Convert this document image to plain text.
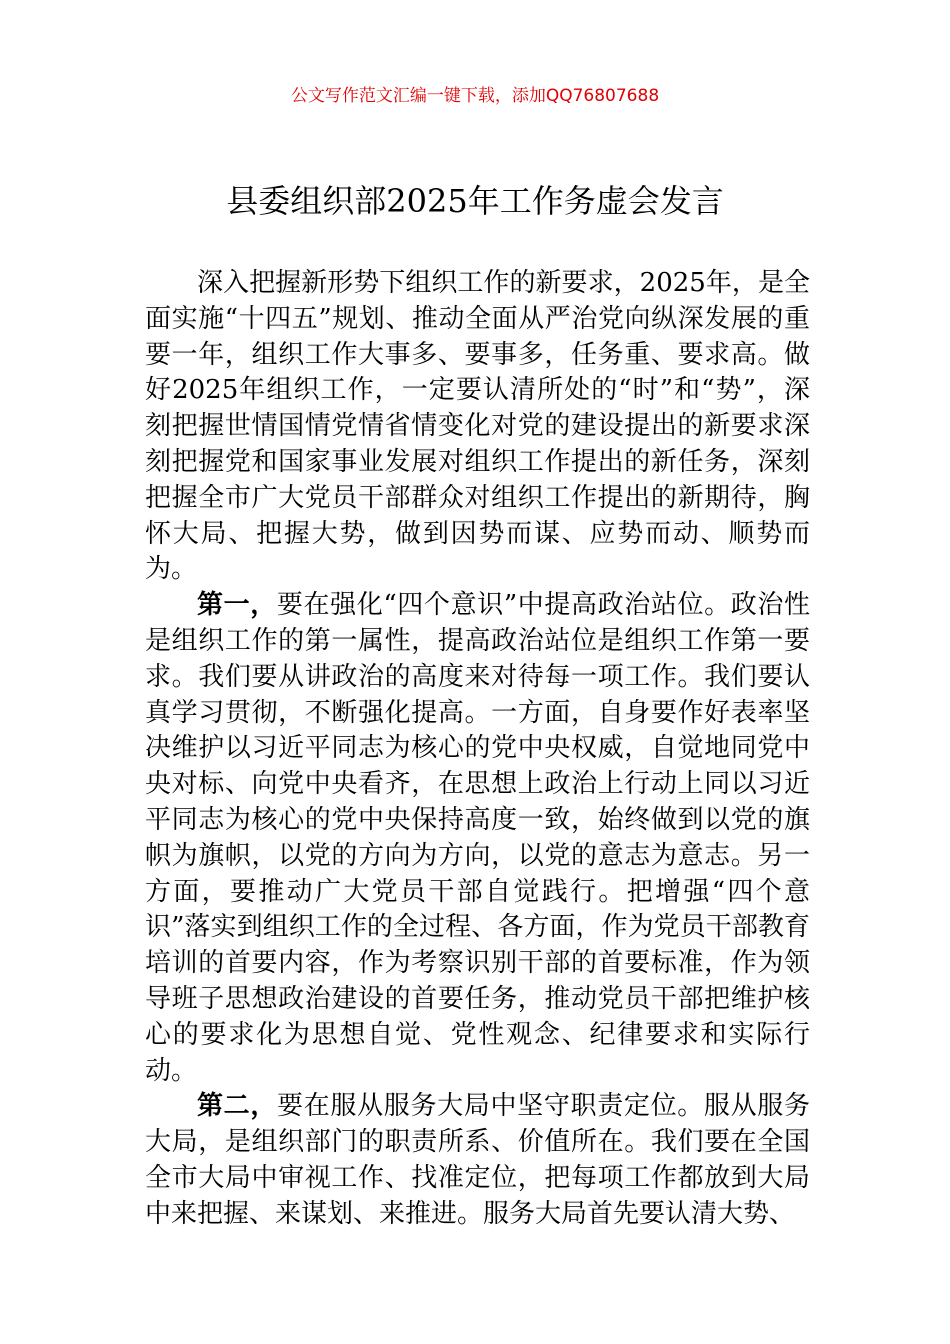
公文写作范文汇编一键下载，添加QQ76807688
县委组织部2025年工作务虚会发言

深入把握新形势下组织工作的新要求，2025年，是全面实施“十四五”规划、推动全面从严治党向纵深发展的重要一年，组织工作大事多、要事多，任务重、要求高。做好2025年组织工作，一定要认清所处的“时”和“势”，深刻把握世情国情党情省情变化对党的建设提出的新要求深刻把握党和国家事业发展对组织工作提出的新任务，深刻把握全市广大党员干部群众对组织工作提出的新期待，胸怀大局、把握大势，做到因势而谋、应势而动、顺势而为。

第一，要在强化“四个意识”中提高政治站位。政治性是组织工作的第一属性，提高政治站位是组织工作第一要求。我们要从讲政治的高度来对待每一项工作。我们要认真学习贯彻，不断强化提高。一方面，自身要作好表率坚决维护以习近平同志为核心的党中央权威，自觉地同党中央对标、向党中央看齐，在思想上政治上行动上同以习近平同志为核心的党中央保持高度一致，始终做到以党的旗帜为旗帜，以党的方向为方向，以党的意志为意志。另一方面，要推动广大党员干部自觉践行。把增强“四个意识”落实到组织工作的全过程、各方面，作为党员干部教育培训的首要内容，作为考察识别干部的首要标准，作为领导班子思想政治建设的首要任务，推动党员干部把维护核心的要求化为思想自觉、党性观念、纪律要求和实际行动。

第二，要在服从服务大局中坚守职责定位。服从服务大局，是组织部门的职责所系、价值所在。我们要在全国全市大局中审视工作、找准定位，把每项工作都放到大局中来把握、来谋划、来推进。服务大局首先要认清大势、
